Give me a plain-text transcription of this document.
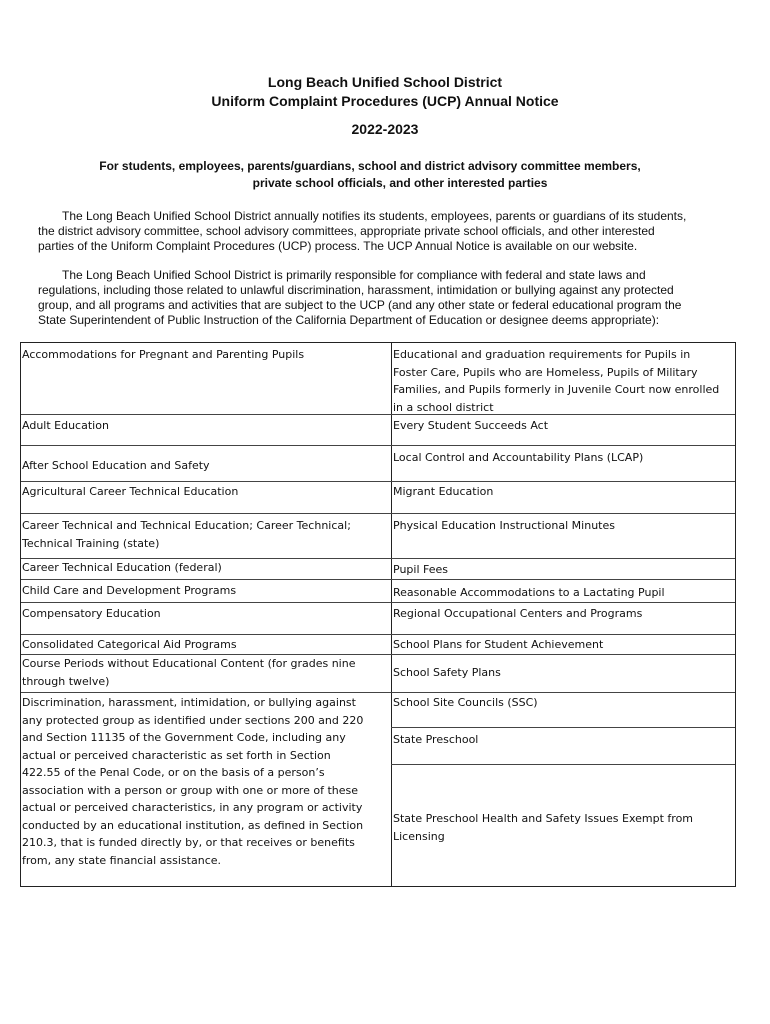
Long Beach Unified School District
Uniform Complaint Procedures (UCP) Annual Notice
2022-2023
For students, employees, parents/guardians, school and district advisory committee members,
private school officials, and other interested parties
The Long Beach Unified School District annually notifies its students, employees, parents or guardians of its students,
the district advisory committee, school advisory committees, appropriate private school officials, and other interested
parties of the Uniform Complaint Procedures (UCP) process. The UCP Annual Notice is available on our website.
The Long Beach Unified School District is primarily responsible for compliance with federal and state laws and
regulations, including those related to unlawful discrimination, harassment, intimidation or bullying against any protected
group, and all programs and activities that are subject to the UCP (and any other state or federal educational program the
State Superintendent of Public Instruction of the California Department of Education or designee deems appropriate):
Accommodations for Pregnant and Parenting Pupils
Adult Education
After School Education and Safety
Agricultural Career Technical Education
Career Technical and Technical Education; Career Technical; Technical Training (state)
Career Technical Education (federal)
Child Care and Development Programs
Compensatory Education
Consolidated Categorical Aid Programs
Course Periods without Educational Content (for grades nine through twelve)
Discrimination, harassment, intimidation, or bullying against any protected group as identified under sections 200 and 220 and Section 11135 of the Government Code, including any actual or perceived characteristic as set forth in Section 422.55 of the Penal Code, or on the basis of a person’s association with a person or group with one or more of these actual or perceived characteristics, in any program or activity conducted by an educational institution, as defined in Section 210.3, that is funded directly by, or that receives or benefits from, any state financial assistance.
Educational and graduation requirements for Pupils in Foster Care, Pupils who are Homeless, Pupils of Military Families, and Pupils formerly in Juvenile Court now enrolled in a school district
Every Student Succeeds Act
Local Control and Accountability Plans (LCAP)
Migrant Education
Physical Education Instructional Minutes
Pupil Fees
Reasonable Accommodations to a Lactating Pupil
Regional Occupational Centers and Programs
School Plans for Student Achievement
School Safety Plans
School Site Councils (SSC)
State Preschool
State Preschool Health and Safety Issues Exempt from Licensing
